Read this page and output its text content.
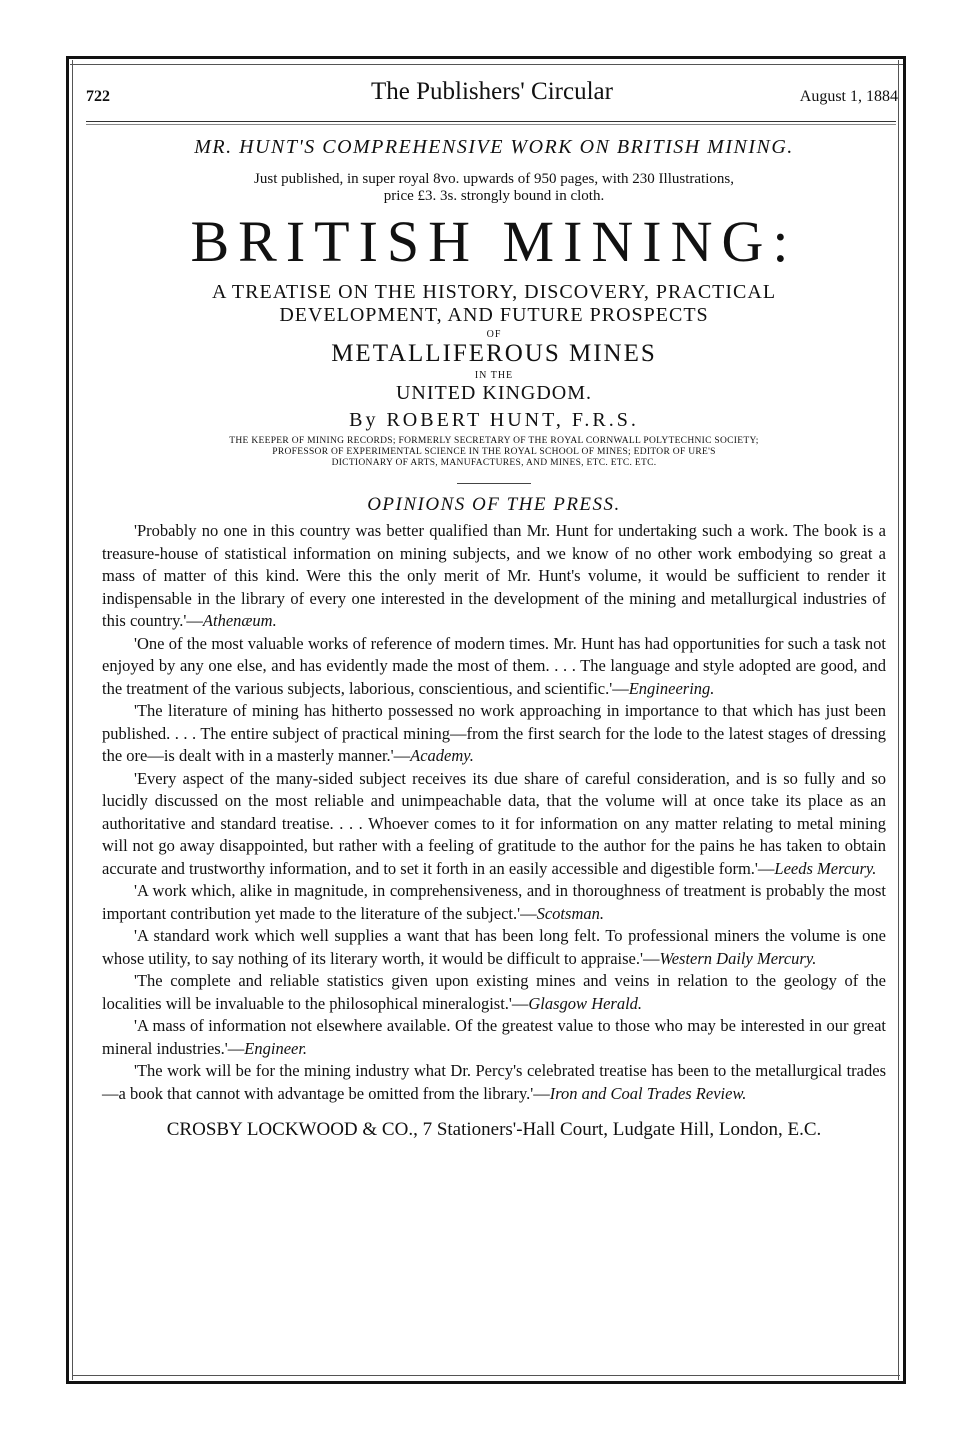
722	The Publishers' Circular	August 1, 1884

MR. HUNT'S COMPREHENSIVE WORK ON BRITISH MINING.

Just published, in super royal 8vo. upwards of 950 pages, with 230 Illustrations,
price £3. 3s. strongly bound in cloth.

BRITISH MINING:

A TREATISE ON THE HISTORY, DISCOVERY, PRACTICAL

DEVELOPMENT, AND FUTURE PROSPECTS

OF

METALLIFEROUS MINES

IN THE

UNITED KINGDOM.

By ROBERT HUNT, F.R.S.

THE KEEPER OF MINING RECORDS; FORMERLY SECRETARY OF THE ROYAL CORNWALL POLYTECHNIC SOCIETY;
PROFESSOR OF EXPERIMENTAL SCIENCE IN THE ROYAL SCHOOL OF MINES; EDITOR OF URE'S
DICTIONARY OF ARTS, MANUFACTURES, AND MINES, ETC. ETC. ETC.

OPINIONS OF THE PRESS.

'Probably no one in this country was better qualified than Mr. Hunt for undertaking such a work. The book is a treasure-house of statistical information on mining subjects, and we know of no other work embodying so great a mass of matter of this kind. Were this the only merit of Mr. Hunt's volume, it would be sufficient to render it indispensable in the library of every one interested in the development of the mining and metallurgical industries of this country.'—Athenæum.

'One of the most valuable works of reference of modern times. Mr. Hunt has had opportunities for such a task not enjoyed by any one else, and has evidently made the most of them. . . . The language and style adopted are good, and the treatment of the various subjects, laborious, conscientious, and scientific.'—Engineering.

'The literature of mining has hitherto possessed no work approaching in importance to that which has just been published. . . . The entire subject of practical mining—from the first search for the lode to the latest stages of dressing the ore—is dealt with in a masterly manner.'—Academy.

'Every aspect of the many-sided subject receives its due share of careful consideration, and is so fully and so lucidly discussed on the most reliable and unimpeachable data, that the volume will at once take its place as an authoritative and standard treatise. . . . Whoever comes to it for information on any matter relating to metal mining will not go away disappointed, but rather with a feeling of gratitude to the author for the pains he has taken to obtain accurate and trustworthy information, and to set it forth in an easily accessible and digestible form.'—Leeds Mercury.

'A work which, alike in magnitude, in comprehensiveness, and in thoroughness of treatment is probably the most important contribution yet made to the literature of the subject.'—Scotsman.

'A standard work which well supplies a want that has been long felt. To professional miners the volume is one whose utility, to say nothing of its literary worth, it would be difficult to appraise.'—Western Daily Mercury.

'The complete and reliable statistics given upon existing mines and veins in relation to the geology of the localities will be invaluable to the philosophical mineralogist.'—Glasgow Herald.

'A mass of information not elsewhere available. Of the greatest value to those who may be interested in our great mineral industries.'—Engineer.

'The work will be for the mining industry what Dr. Percy's celebrated treatise has been to the metallurgical trades—a book that cannot with advantage be omitted from the library.'—Iron and Coal Trades Review.

CROSBY LOCKWOOD & CO., 7 Stationers'-Hall Court, Ludgate Hill, London, E.C.
